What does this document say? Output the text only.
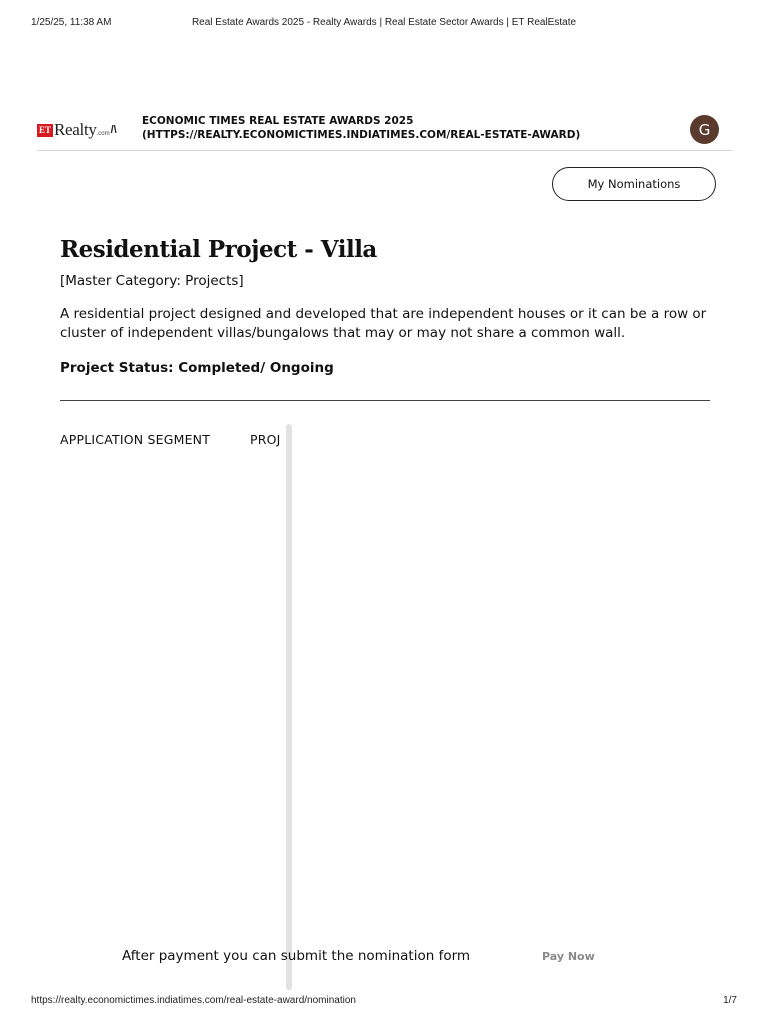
1/25/25, 11:38 AM	Real Estate Awards 2025 - Realty Awards | Real Estate Sector Awards | ET RealEstate
ET Realty .com /\
ECONOMIC TIMES REAL ESTATE AWARDS 2025
(HTTPS://REALTY.ECONOMICTIMES.INDIATIMES.COM/REAL-ESTATE-AWARD)	G
My Nominations
Residential Project - Villa
[Master Category: Projects]

A residential project designed and developed that are independent houses or it can be a row or cluster of independent villas/bungalows that may or may not share a common wall.

Project Status: Completed/ Ongoing
APPLICATION SEGMENT	PROJ
After payment you can submit the nomination form	Pay Now
https://realty.economictimes.indiatimes.com/real-estate-award/nomination	1/7
